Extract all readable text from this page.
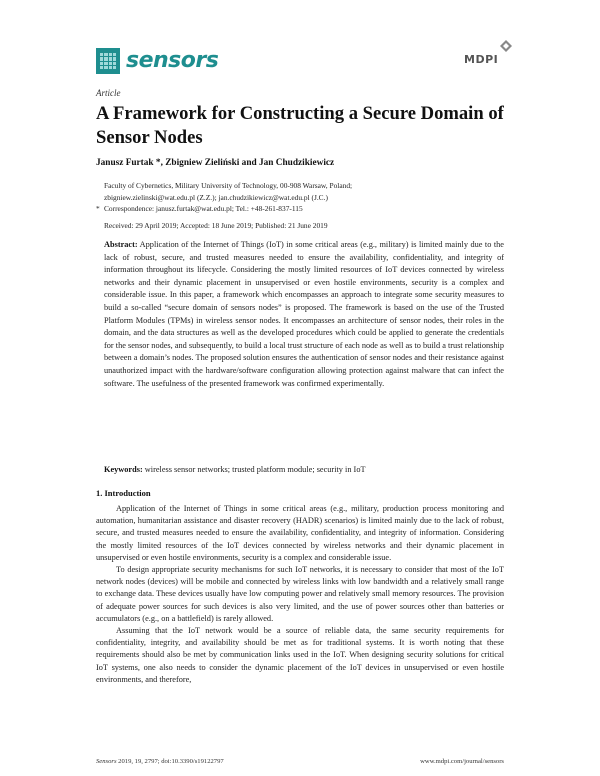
sensors	MDPI
Article
A Framework for Constructing a Secure Domain of Sensor Nodes
Janusz Furtak *, Zbigniew Zieliński and Jan Chudzikiewicz
Faculty of Cybernetics, Military University of Technology, 00-908 Warsaw, Poland;
zbigniew.zielinski@wat.edu.pl (Z.Z.); jan.chudzikiewicz@wat.edu.pl (J.C.)
* Correspondence: janusz.furtak@wat.edu.pl; Tel.: +48-261-837-115
Received: 29 April 2019; Accepted: 18 June 2019; Published: 21 June 2019
Abstract: Application of the Internet of Things (IoT) in some critical areas (e.g., military) is limited mainly due to the lack of robust, secure, and trusted measures needed to ensure the availability, confidentiality, and integrity of information throughout its lifecycle. Considering the mostly limited resources of IoT devices connected by wireless networks and their dynamic placement in unsupervised or even hostile environments, security is a complex and considerable issue. In this paper, a framework which encompasses an approach to integrate some security measures to build a so-called “secure domain of sensors nodes” is proposed. The framework is based on the use of the Trusted Platform Modules (TPMs) in wireless sensor nodes. It encompasses an architecture of sensor nodes, their roles in the domain, and the data structures as well as the developed procedures which could be applied to generate the credentials for the sensor nodes, and subsequently, to build a local trust structure of each node as well as to build a trust relationship between a domain’s nodes. The proposed solution ensures the authentication of sensor nodes and their resistance against unauthorized impact with the hardware/software configuration allowing protection against malware that can infect the software. The usefulness of the presented framework was confirmed experimentally.
Keywords: wireless sensor networks; trusted platform module; security in IoT
1. Introduction

Application of the Internet of Things in some critical areas (e.g., military, production process monitoring and automation, humanitarian assistance and disaster recovery (HADR) scenarios) is limited mainly due to the lack of robust, secure, and trusted measures needed to ensure the availability, confidentiality, and integrity of information. Considering the mostly limited resources of the IoT devices connected by wireless networks and their dynamic placement in unsupervised or even hostile environments, security is a complex and considerable issue.

To design appropriate security mechanisms for such IoT networks, it is necessary to consider that most of the IoT network nodes (devices) will be mobile and connected by wireless links with low bandwidth and a relatively small range to exchange data. These devices usually have low computing power and relatively small memory resources. The provision of adequate power sources for such devices is also very limited, and the use of power sources other than batteries or accumulators (e.g., on a battlefield) is rarely allowed.

Assuming that the IoT network would be a source of reliable data, the same security requirements for confidentiality, integrity, and availability should be met as for traditional systems. It is worth noting that these requirements should also be met by communication links used in the IoT. When designing security solutions for critical IoT systems, one also needs to consider the dynamic placement of the IoT devices in unsupervised or even hostile environments, and therefore,

Sensors 2019, 19, 2797; doi:10.3390/s19122797	www.mdpi.com/journal/sensors
